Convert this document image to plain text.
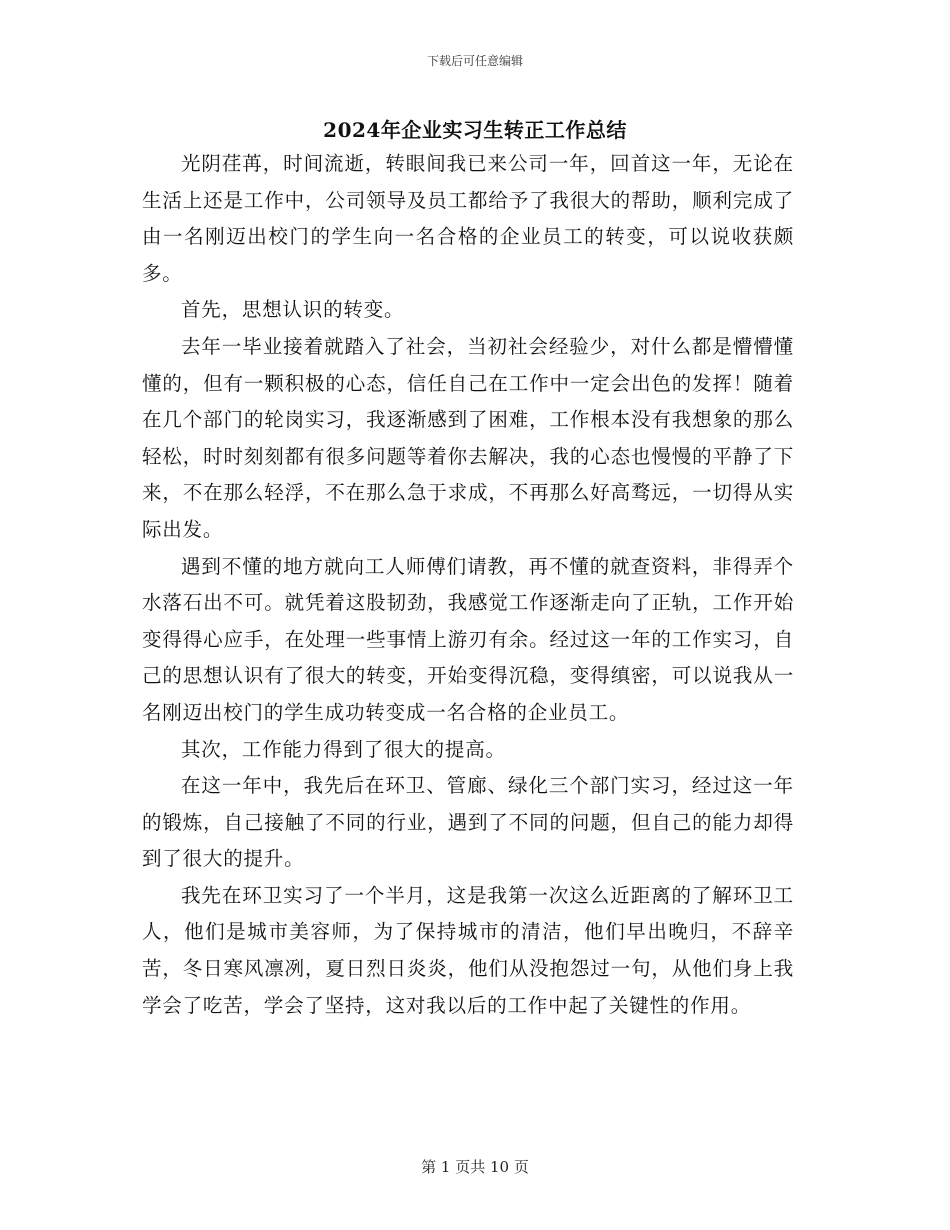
下载后可任意编辑
2024年企业实习生转正工作总结

光阴荏苒，时间流逝，转眼间我已来公司一年，回首这一年，无论在生活上还是工作中，公司领导及员工都给予了我很大的帮助，顺利完成了由一名刚迈出校门的学生向一名合格的企业员工的转变，可以说收获颇多。

首先，思想认识的转变。

去年一毕业接着就踏入了社会，当初社会经验少，对什么都是懵懵懂懂的，但有一颗积极的心态，信任自己在工作中一定会出色的发挥！随着在几个部门的轮岗实习，我逐渐感到了困难，工作根本没有我想象的那么轻松，时时刻刻都有很多问题等着你去解决，我的心态也慢慢的平静了下来，不在那么轻浮，不在那么急于求成，不再那么好高骛远，一切得从实际出发。

遇到不懂的地方就向工人师傅们请教，再不懂的就查资料，非得弄个水落石出不可。就凭着这股韧劲，我感觉工作逐渐走向了正轨，工作开始变得得心应手，在处理一些事情上游刃有余。经过这一年的工作实习，自己的思想认识有了很大的转变，开始变得沉稳，变得缜密，可以说我从一名刚迈出校门的学生成功转变成一名合格的企业员工。

其次，工作能力得到了很大的提高。

在这一年中，我先后在环卫、管廊、绿化三个部门实习，经过这一年的锻炼，自己接触了不同的行业，遇到了不同的问题，但自己的能力却得到了很大的提升。

我先在环卫实习了一个半月，这是我第一次这么近距离的了解环卫工人，他们是城市美容师，为了保持城市的清洁，他们早出晚归，不辞辛苦，冬日寒风凛冽，夏日烈日炎炎，他们从没抱怨过一句，从他们身上我学会了吃苦，学会了坚持，这对我以后的工作中起了关键性的作用。

第 1 页共 10 页
